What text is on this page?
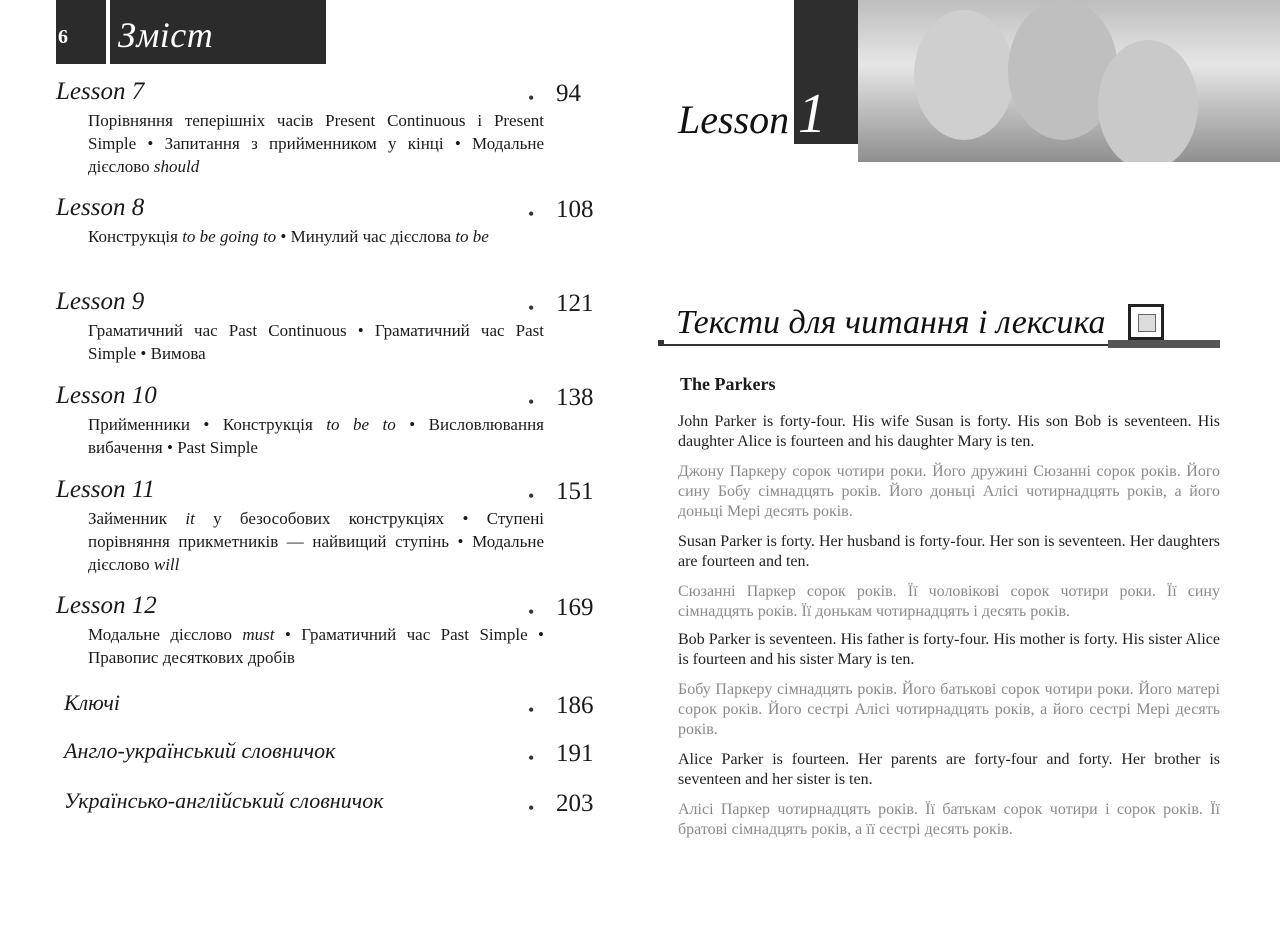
6	Зміст
Lesson 7	• 94
Порівняння теперішніх часів Present Continuous і Present Simple • Запитання з прийменником у кінці • Модальне дієслово should
Lesson 8	• 108
Конструкція to be going to • Минулий час дієслова to be
Lesson 9	• 121
Граматичний час Past Continuous • Граматичний час Past Simple • Вимова
Lesson 10	• 138
Прийменники • Конструкція to be to • Висловлювання вибачення • Past Simple
Lesson 11	• 151
Займенник it у безособових конструкціях • Ступені порівняння прикметників — найвищий ступінь • Модальне дієслово will
Lesson 12	• 169
Модальне дієслово must • Граматичний час Past Simple • Правопис десяткових дробів
Ключі	• 186
Англо-український словничок	• 191
Українсько-англійський словничок	• 203
Lesson 1
Тексти для читання і лексика
The Parkers
John Parker is forty-four. His wife Susan is forty. His son Bob is seventeen. His daughter Alice is fourteen and his daughter Mary is ten.
Джону Паркеру сорок чотири роки. Його дружині Сюзанні сорок років. Його сину Бобу сімнадцять років. Його доньці Алісі чотирнадцять років, а його доньці Мері десять років.
Susan Parker is forty. Her husband is forty-four. Her son is seventeen. Her daughters are fourteen and ten.
Сюзанні Паркер сорок років. Її чоловікові сорок чотири роки. Її сину сімнадцять років. Її донькам чотирнадцять і десять років.
Bob Parker is seventeen. His father is forty-four. His mother is forty. His sister Alice is fourteen and his sister Mary is ten.
Бобу Паркеру сімнадцять років. Його батькові сорок чотири роки. Його матері сорок років. Його сестрі Алісі чотирнадцять років, а його сестрі Мері десять років.
Alice Parker is fourteen. Her parents are forty-four and forty. Her brother is seventeen and her sister is ten.
Алісі Паркер чотирнадцять років. Її батькам сорок чотири і сорок років. Її братові сімнадцять років, а її сестрі десять років.
